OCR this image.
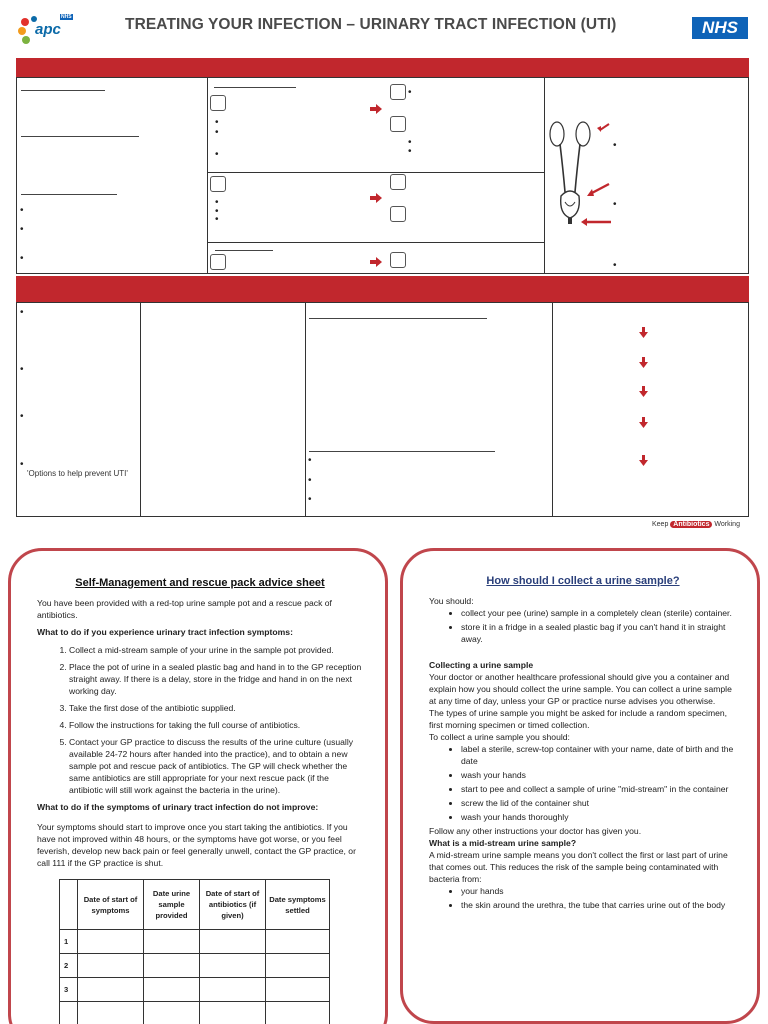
apc
NHS	TREATING YOUR INFECTION – URINARY TRACT INFECTION (UTI)	NHS
•
•
•
•
•
•
•
•
•
•
•
•
•
•
•
•
•
•
•
'Options to help prevent UTI'
•
•
•
Keep Antibiotics Working
Self-Management and rescue pack advice sheet

You have been provided with a red-top urine sample pot and a rescue pack of antibiotics.

What to do if you experience urinary tract infection symptoms:

1. Collect a mid-stream sample of your urine in the sample pot provided.
2. Place the pot of urine in a sealed plastic bag and hand in to the GP reception straight away. If there is a delay, store in the fridge and hand in on the next working day.
3. Take the first dose of the antibiotic supplied.
4. Follow the instructions for taking the full course of antibiotics.
5. Contact your GP practice to discuss the results of the urine culture (usually available 24-72 hours after handed into the practice), and to obtain a new sample pot and rescue pack of antibiotics. The GP will check whether the same antibiotics are still appropriate for your next rescue pack (if the antibiotic will still work against the bacteria in the urine).

What to do if the symptoms of urinary tract infection do not improve:

Your symptoms should start to improve once you start taking the antibiotics. If you have not improved within 48 hours, or the symptoms have got worse, or you feel feverish, develop new back pain or feel generally unwell, contact the GP practice, or call 111 if the GP practice is shut.

	Date of start of symptoms	Date urine sample provided	Date of start of antibiotics (if given)	Date symptoms settled
1				
2				
3				

How should I collect a urine sample?

You should:

• collect your pee (urine) sample in a completely clean (sterile) container.
• store it in a fridge in a sealed plastic bag if you can't hand it in straight away.

Collecting a urine sample

Your doctor or another healthcare professional should give you a container and explain how you should collect the urine sample. You can collect a urine sample at any time of day, unless your GP or practice nurse advises you otherwise.

The types of urine sample you might be asked for include a random specimen, first morning specimen or timed collection.

To collect a urine sample you should:

• label a sterile, screw-top container with your name, date of birth and the date
• wash your hands
• start to pee and collect a sample of urine "mid-stream" in the container
• screw the lid of the container shut
• wash your hands thoroughly

Follow any other instructions your doctor has given you.

What is a mid-stream urine sample?

A mid-stream urine sample means you don't collect the first or last part of urine that comes out. This reduces the risk of the sample being contaminated with bacteria from:

• your hands
• the skin around the urethra, the tube that carries urine out of the body
